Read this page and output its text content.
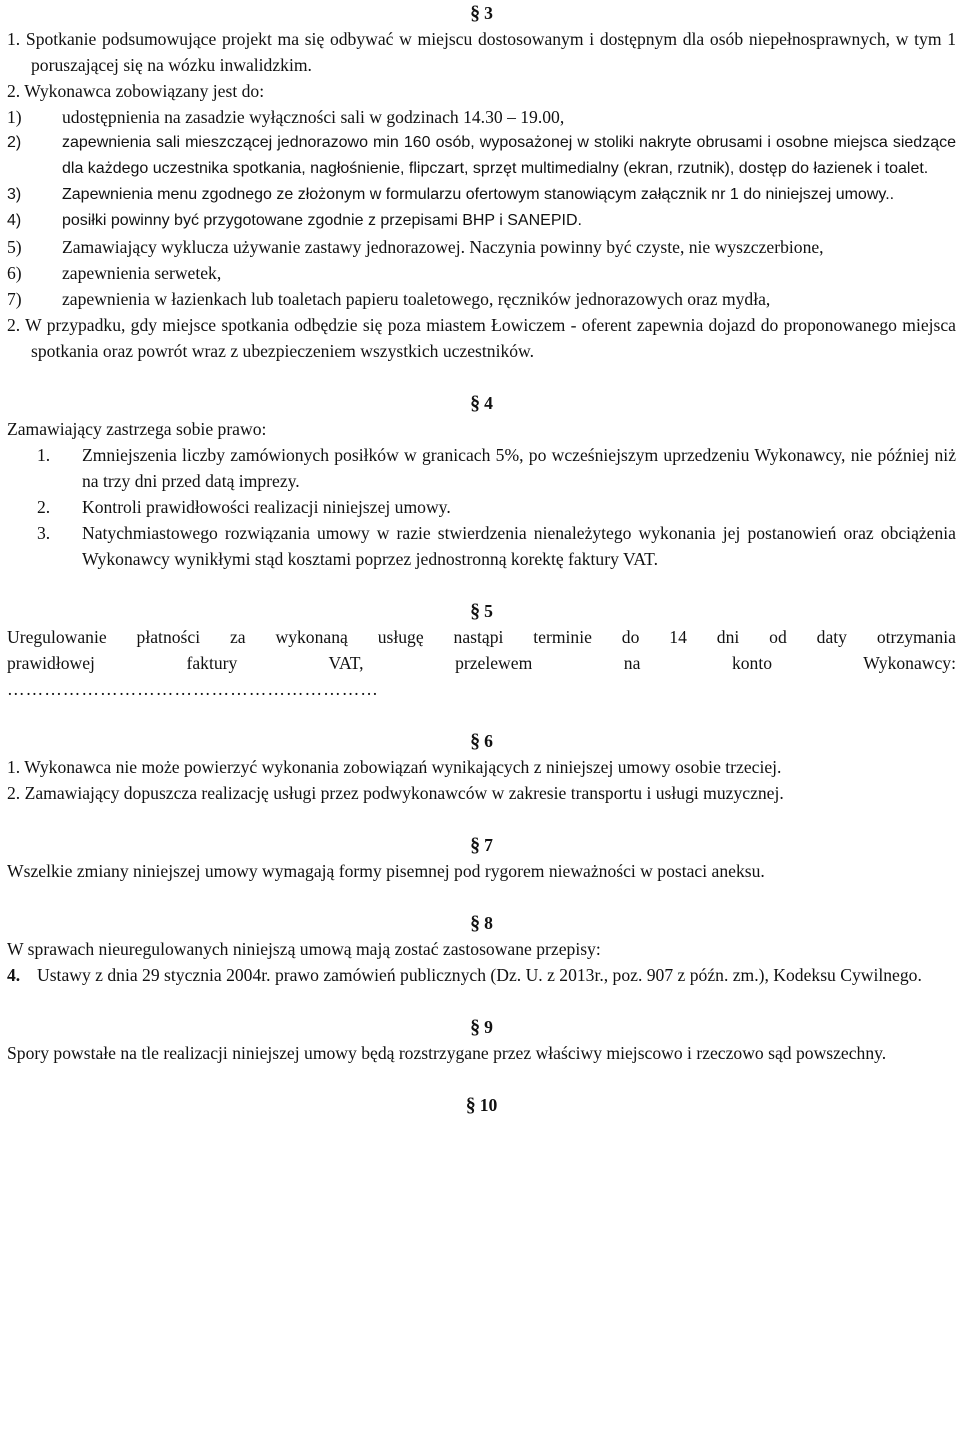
§ 3

1. Spotkanie podsumowujące projekt ma się odbywać w miejscu dostosowanym i dostępnym dla osób niepełnosprawnych, w tym 1 poruszającej się na wózku inwalidzkim.

2. Wykonawca zobowiązany jest do:

1)	udostępnienia na zasadzie wyłączności sali w godzinach 14.30 – 19.00,
2)	zapewnienia sali mieszczącej jednorazowo min 160 osób, wyposażonej w stoliki nakryte obrusami i osobne miejsca siedzące dla każdego uczestnika spotkania, nagłośnienie, flipczart, sprzęt multimedialny (ekran, rzutnik), dostęp do łazienek i toalet.
3)	Zapewnienia menu zgodnego ze złożonym w formularzu ofertowym stanowiącym załącznik nr 1 do niniejszej umowy..
4)	posiłki powinny być przygotowane zgodnie z przepisami BHP i SANEPID.
5)	Zamawiający wyklucza używanie zastawy jednorazowej. Naczynia powinny być czyste, nie wyszczerbione,
6)	zapewnienia serwetek,
7)	zapewnienia w łazienkach lub toaletach papieru toaletowego, ręczników jednorazowych oraz mydła,

2. W przypadku, gdy miejsce spotkania odbędzie się poza miastem Łowiczem - oferent zapewnia dojazd do proponowanego miejsca spotkania oraz powrót wraz z ubezpieczeniem wszystkich uczestników.

§ 4

Zamawiający zastrzega sobie prawo:

1.	Zmniejszenia liczby zamówionych posiłków w granicach 5%, po wcześniejszym uprzedzeniu Wykonawcy, nie później niż na trzy dni przed datą imprezy.
2.	Kontroli prawidłowości realizacji niniejszej umowy.
3.	Natychmiastowego rozwiązania umowy w razie stwierdzenia nienależytego wykonania jej postanowień oraz obciążenia Wykonawcy wynikłymi stąd kosztami poprzez jednostronną korektę faktury VAT.
§ 5

Uregulowanie płatności za wykonaną usługę nastąpi terminie do 14 dni od daty otrzymania

prawidłowej faktury VAT, przelewem na konto Wykonawcy:

……………………………………………………

§ 6

1. Wykonawca nie może powierzyć wykonania zobowiązań wynikających z niniejszej umowy osobie trzeciej.

2. Zamawiający dopuszcza realizację usługi przez podwykonawców w zakresie transportu i usługi muzycznej.

§ 7

Wszelkie zmiany niniejszej umowy wymagają formy pisemnej pod rygorem nieważności w postaci aneksu.

§ 8

W sprawach nieuregulowanych niniejszą umową mają zostać zastosowane przepisy:

4. Ustawy z dnia 29 stycznia 2004r. prawo zamówień publicznych (Dz. U. z 2013r., poz. 907 z późn. zm.), Kodeksu Cywilnego.
§ 9

Spory powstałe na tle realizacji niniejszej umowy będą rozstrzygane przez właściwy miejscowo i rzeczowo sąd powszechny.

§ 10
